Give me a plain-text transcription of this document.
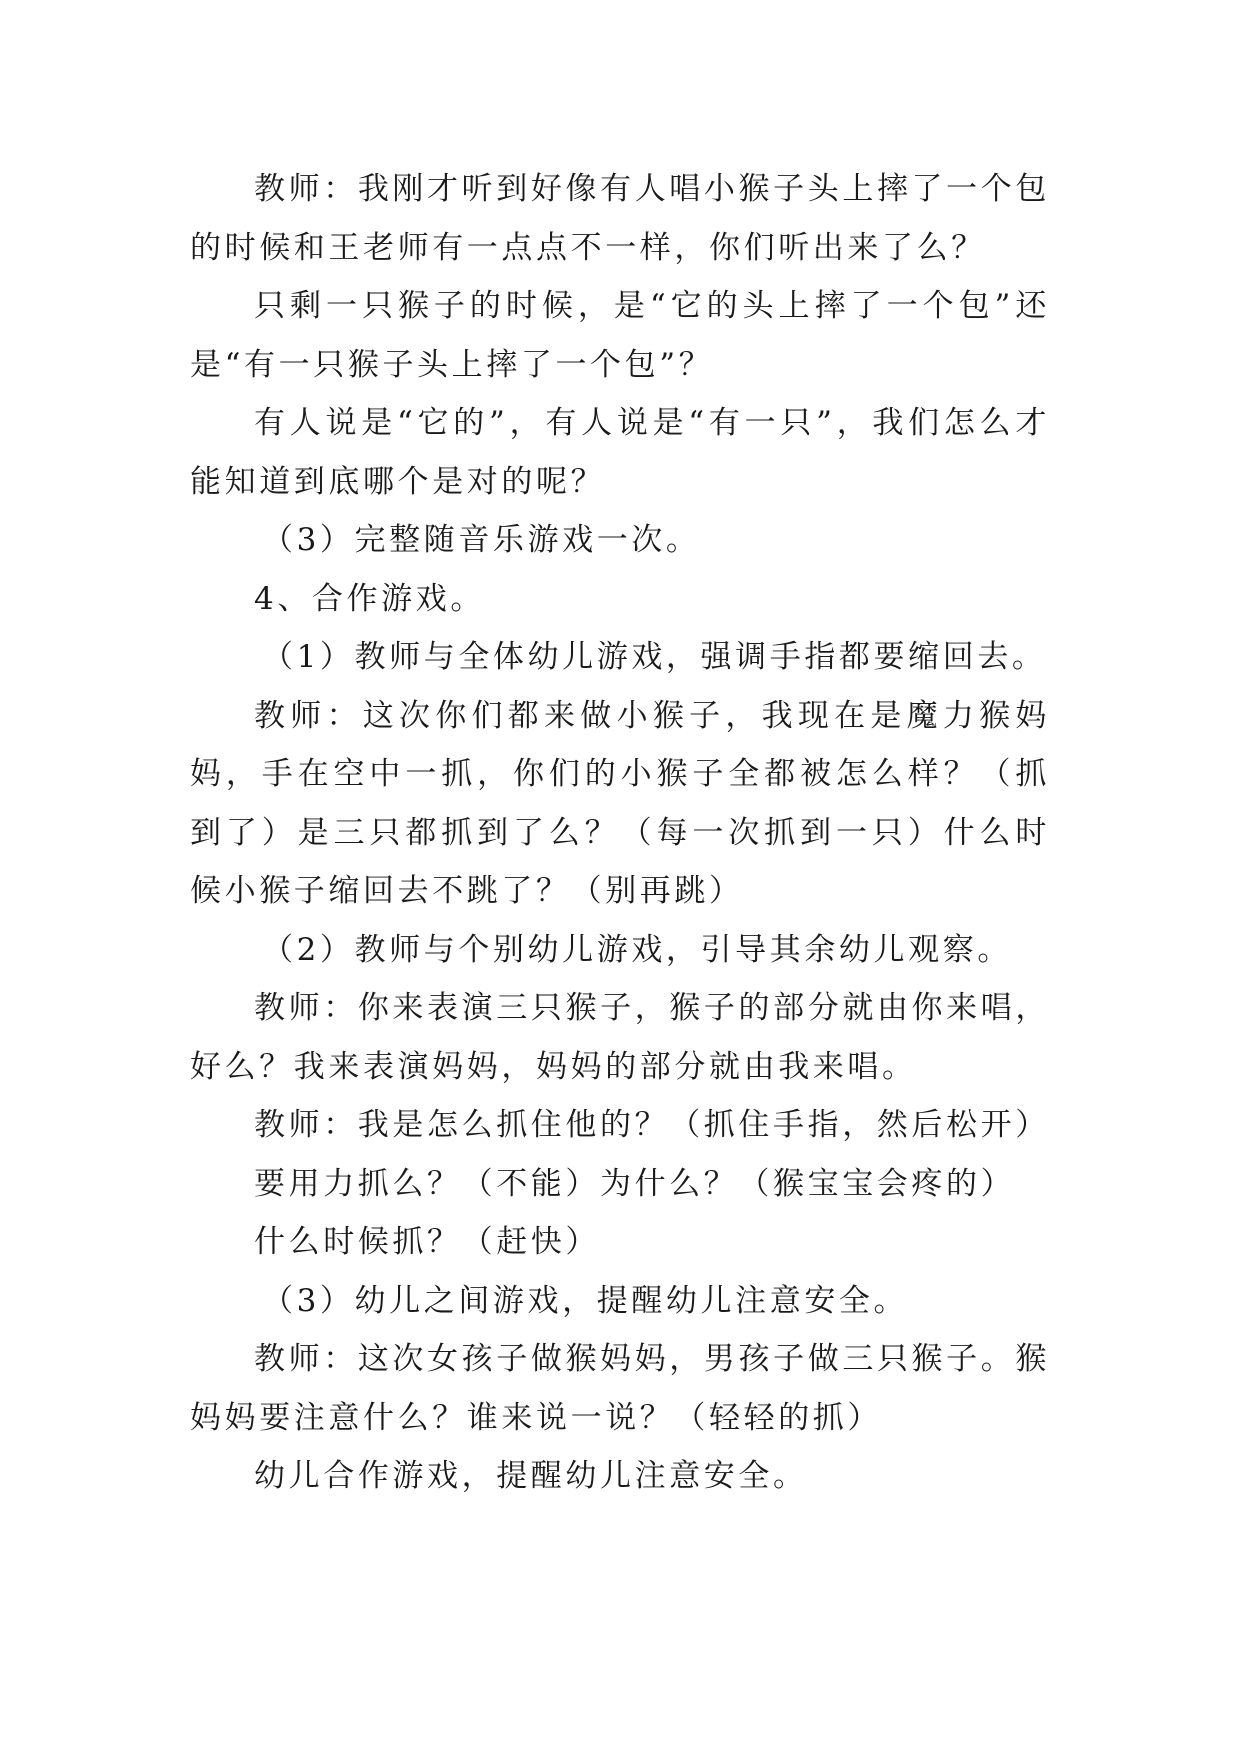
教师：我刚才听到好像有人唱小猴子头上摔了一个包的时候和王老师有一点点不一样，你们听出来了么？

只剩一只猴子的时候，是“它的头上摔了一个包”还是“有一只猴子头上摔了一个包”？

有人说是“它的”，有人说是“有一只”，我们怎么才能知道到底哪个是对的呢？

（3）完整随音乐游戏一次。

4、合作游戏。

（1）教师与全体幼儿游戏，强调手指都要缩回去。

教师：这次你们都来做小猴子，我现在是魔力猴妈妈，手在空中一抓，你们的小猴子全都被怎么样？（抓到了）是三只都抓到了么？（每一次抓到一只）什么时候小猴子缩回去不跳了？（别再跳）

（2）教师与个别幼儿游戏，引导其余幼儿观察。

教师：你来表演三只猴子，猴子的部分就由你来唱，好么？我来表演妈妈，妈妈的部分就由我来唱。

教师：我是怎么抓住他的？（抓住手指，然后松开）

要用力抓么？（不能）为什么？（猴宝宝会疼的）

什么时候抓？（赶快）

（3）幼儿之间游戏，提醒幼儿注意安全。

教师：这次女孩子做猴妈妈，男孩子做三只猴子。猴妈妈要注意什么？谁来说一说？（轻轻的抓）

幼儿合作游戏，提醒幼儿注意安全。
